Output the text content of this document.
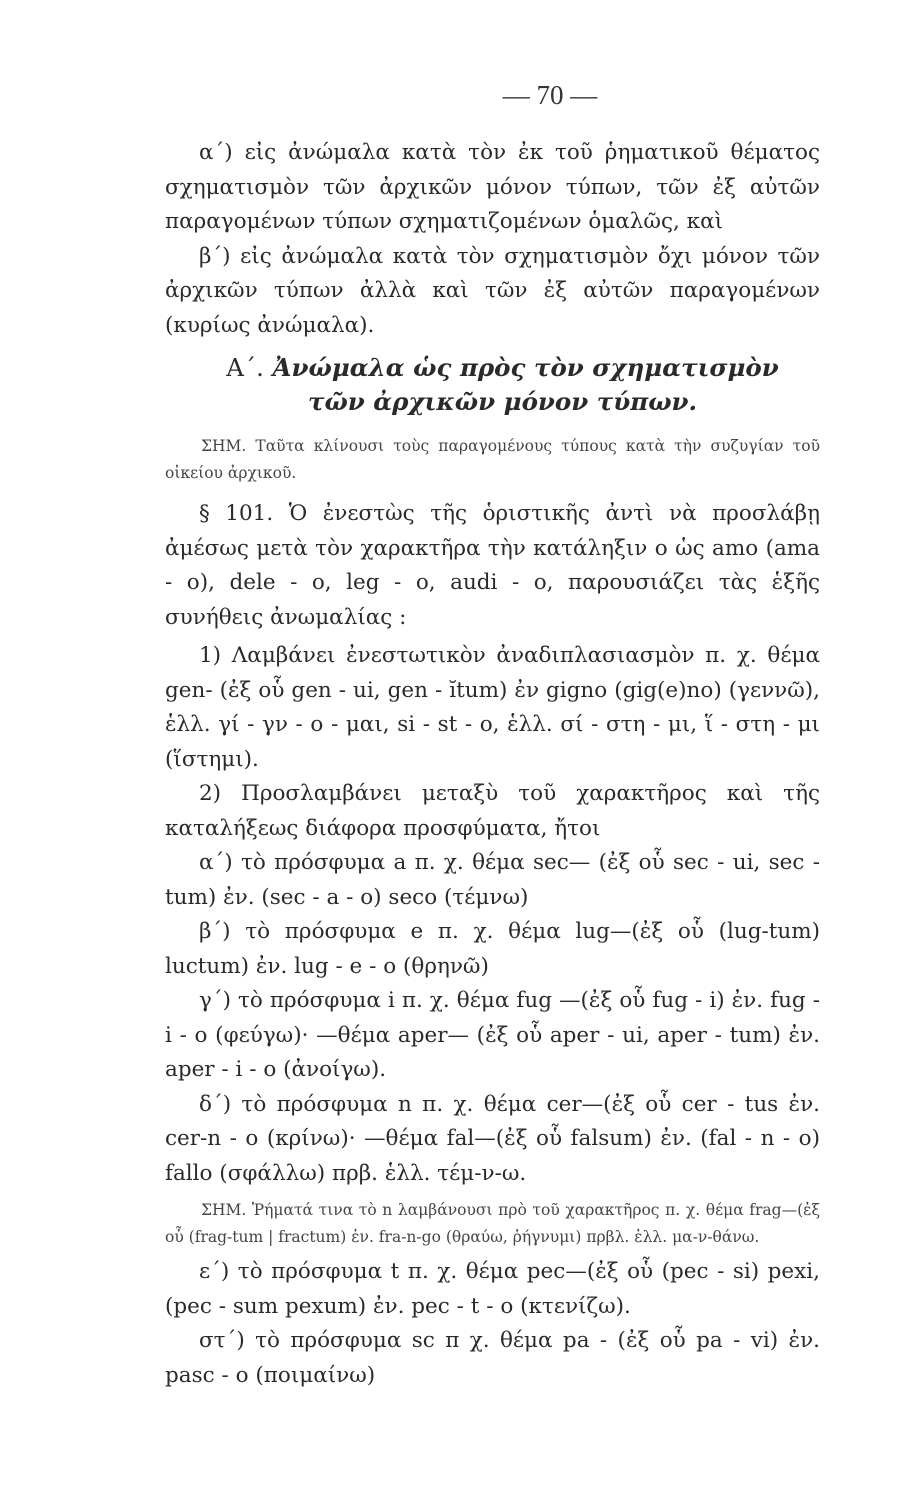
— 70 —

α΄) εἰς ἀνώμαλα κατὰ τὸν ἐκ τοῦ ῥηματικοῦ θέματος σχηματισμὸν τῶν ἀρχικῶν μόνον τύπων, τῶν ἐξ αὐτῶν παραγομένων τύπων σχηματιζομένων ὁμαλῶς, καὶ

β΄) εἰς ἀνώμαλα κατὰ τὸν σχηματισμὸν ὄχι μόνον τῶν ἀρχικῶν τύπων ἀλλὰ καὶ τῶν ἐξ αὐτῶν παραγομένων (κυρίως ἀνώμαλα).

Α΄. Ἀνώμαλα ὡς πρὸς τὸν σχηματισμὸν
τῶν ἀρχικῶν μόνον τύπων.

ΣΗΜ. Ταῦτα κλίνουσι τοὺς παραγομένους τύπους κατὰ τὴν συζυγίαν τοῦ οἰκείου ἀρχικοῦ.

§ 101. Ὁ ἐνεστὼς τῆς ὁριστικῆς ἀντὶ νὰ προσλάβῃ ἀμέσως μετὰ τὸν χαρακτῆρα τὴν κατάληξιν ο ὡς amo (ama - o), dele - o, leg - o, audi - o, παρουσιάζει τὰς ἑξῆς συνήθεις ἀνωμαλίας :

1) Λαμβάνει ἐνεστωτικὸν ἀναδιπλασιασμὸν π. χ. θέμα gen- (ἐξ οὗ gen - ui, gen - ĭtum) ἐν gigno (gig(e)no) (γεννῶ), ἑλλ. γί - γν - ο - μαι, si - st - o, ἑλλ. σί - στη - μι, ἵ - στη - μι (ἵστημι).

2) Προσλαμβάνει μεταξὺ τοῦ χαρακτῆρος καὶ τῆς καταλήξεως διάφορα προσφύματα, ἤτοι

α΄) τὸ πρόσφυμα a π. χ. θέμα sec— (ἐξ οὗ sec - ui, sec - tum) ἐν. (sec - a - o) seco (τέμνω)

β΄) τὸ πρόσφυμα e π. χ. θέμα lug—(ἐξ οὗ (lug-tum) luctum) ἐν. lug - e - o (θρηνῶ)

γ΄) τὸ πρόσφυμα i π. χ. θέμα fug —(ἐξ οὗ fug - i) ἐν. fug - i - o (φεύγω)· —θέμα aper— (ἐξ οὗ aper - ui, aper - tum) ἐν. aper - i - o (ἀνοίγω).

δ΄) τὸ πρόσφυμα n π. χ. θέμα cer—(ἐξ οὗ cer - tus ἐν. cer-n - o (κρίνω)· —θέμα fal—(ἐξ οὗ falsum) ἐν. (fal - n - o) fallo (σφάλλω) πρβ. ἑλλ. τέμ-ν-ω.

ΣΗΜ. Ῥήματά τινα τὸ n λαμβάνουσι πρὸ τοῦ χαρακτῆρος π. χ. θέμα frag—(ἐξ οὗ (frag-tum | fractum) ἐν. fra-n-go (θραύω, ῥήγνυμι) πρβλ. ἑλλ. μα-ν-θάνω.

ε΄) τὸ πρόσφυμα t π. χ. θέμα pec—(ἐξ οὗ (pec - si) pexi, (pec - sum pexum) ἐν. pec - t - o (κτενίζω).

στ΄) τὸ πρόσφυμα sc π χ. θέμα pa - (ἐξ οὗ pa - vi) ἐν. pasc - o (ποιμαίνω)
